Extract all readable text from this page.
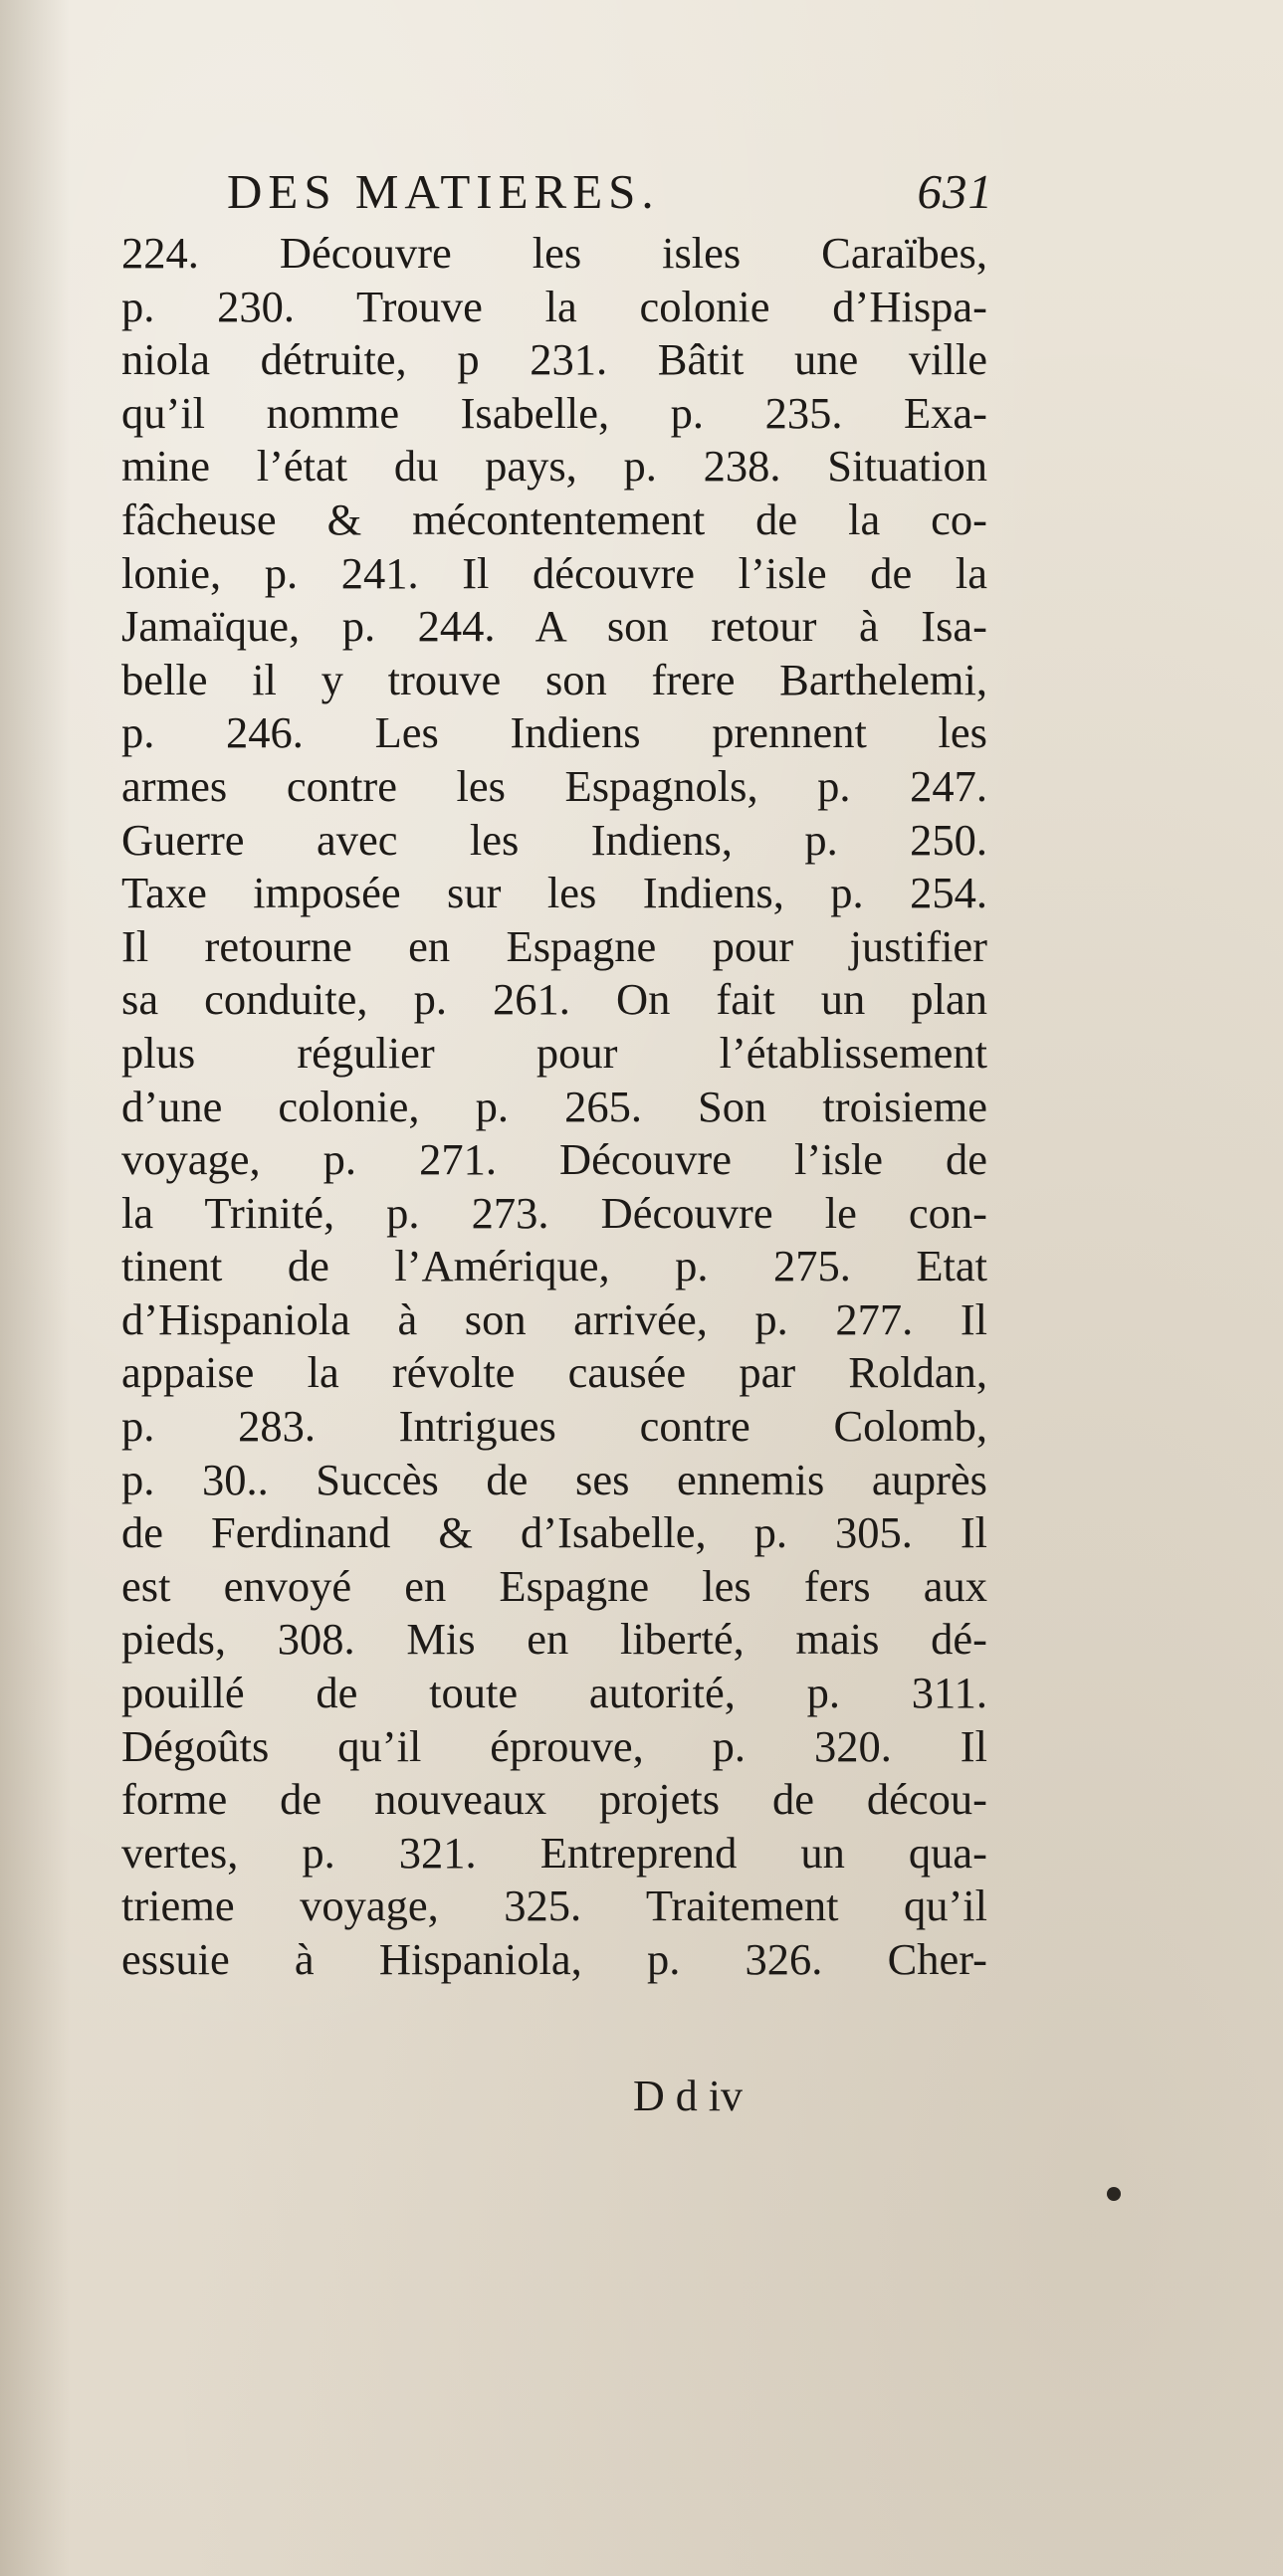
DES MATIERES.	631
224. Découvre les isles Caraïbes,
p. 230. Trouve la colonie d’Hispa-
niola détruite, p 231. Bâtit une ville
qu’il nomme Isabelle, p. 235. Exa-
mine l’état du pays, p. 238. Situation
fâcheuse & mécontentement de la co-
lonie, p. 241. Il découvre l’isle de la
Jamaïque, p. 244. A son retour à Isa-
belle il y trouve son frere Barthelemi,
p. 246. Les Indiens prennent les
armes contre les Espagnols, p. 247.
Guerre avec les Indiens, p. 250.
Taxe imposée sur les Indiens, p. 254.
Il retourne en Espagne pour justifier
sa conduite, p. 261. On fait un plan
plus régulier pour l’établissement
d’une colonie, p. 265. Son troisieme
voyage, p. 271. Découvre l’isle de
la Trinité, p. 273. Découvre le con-
tinent de l’Amérique, p. 275. Etat
d’Hispaniola à son arrivée, p. 277. Il
appaise la révolte causée par Roldan,
p. 283. Intrigues contre Colomb,
p. 30.. Succès de ses ennemis auprès
de Ferdinand & d’Isabelle, p. 305. Il
est envoyé en Espagne les fers aux
pieds, 308. Mis en liberté, mais dé-
pouillé de toute autorité, p. 311.
Dégoûts qu’il éprouve, p. 320. Il
forme de nouveaux projets de décou-
vertes, p. 321. Entreprend un qua-
trieme voyage, 325. Traitement qu’il
essuie à Hispaniola, p. 326. Cher-
D d iv
